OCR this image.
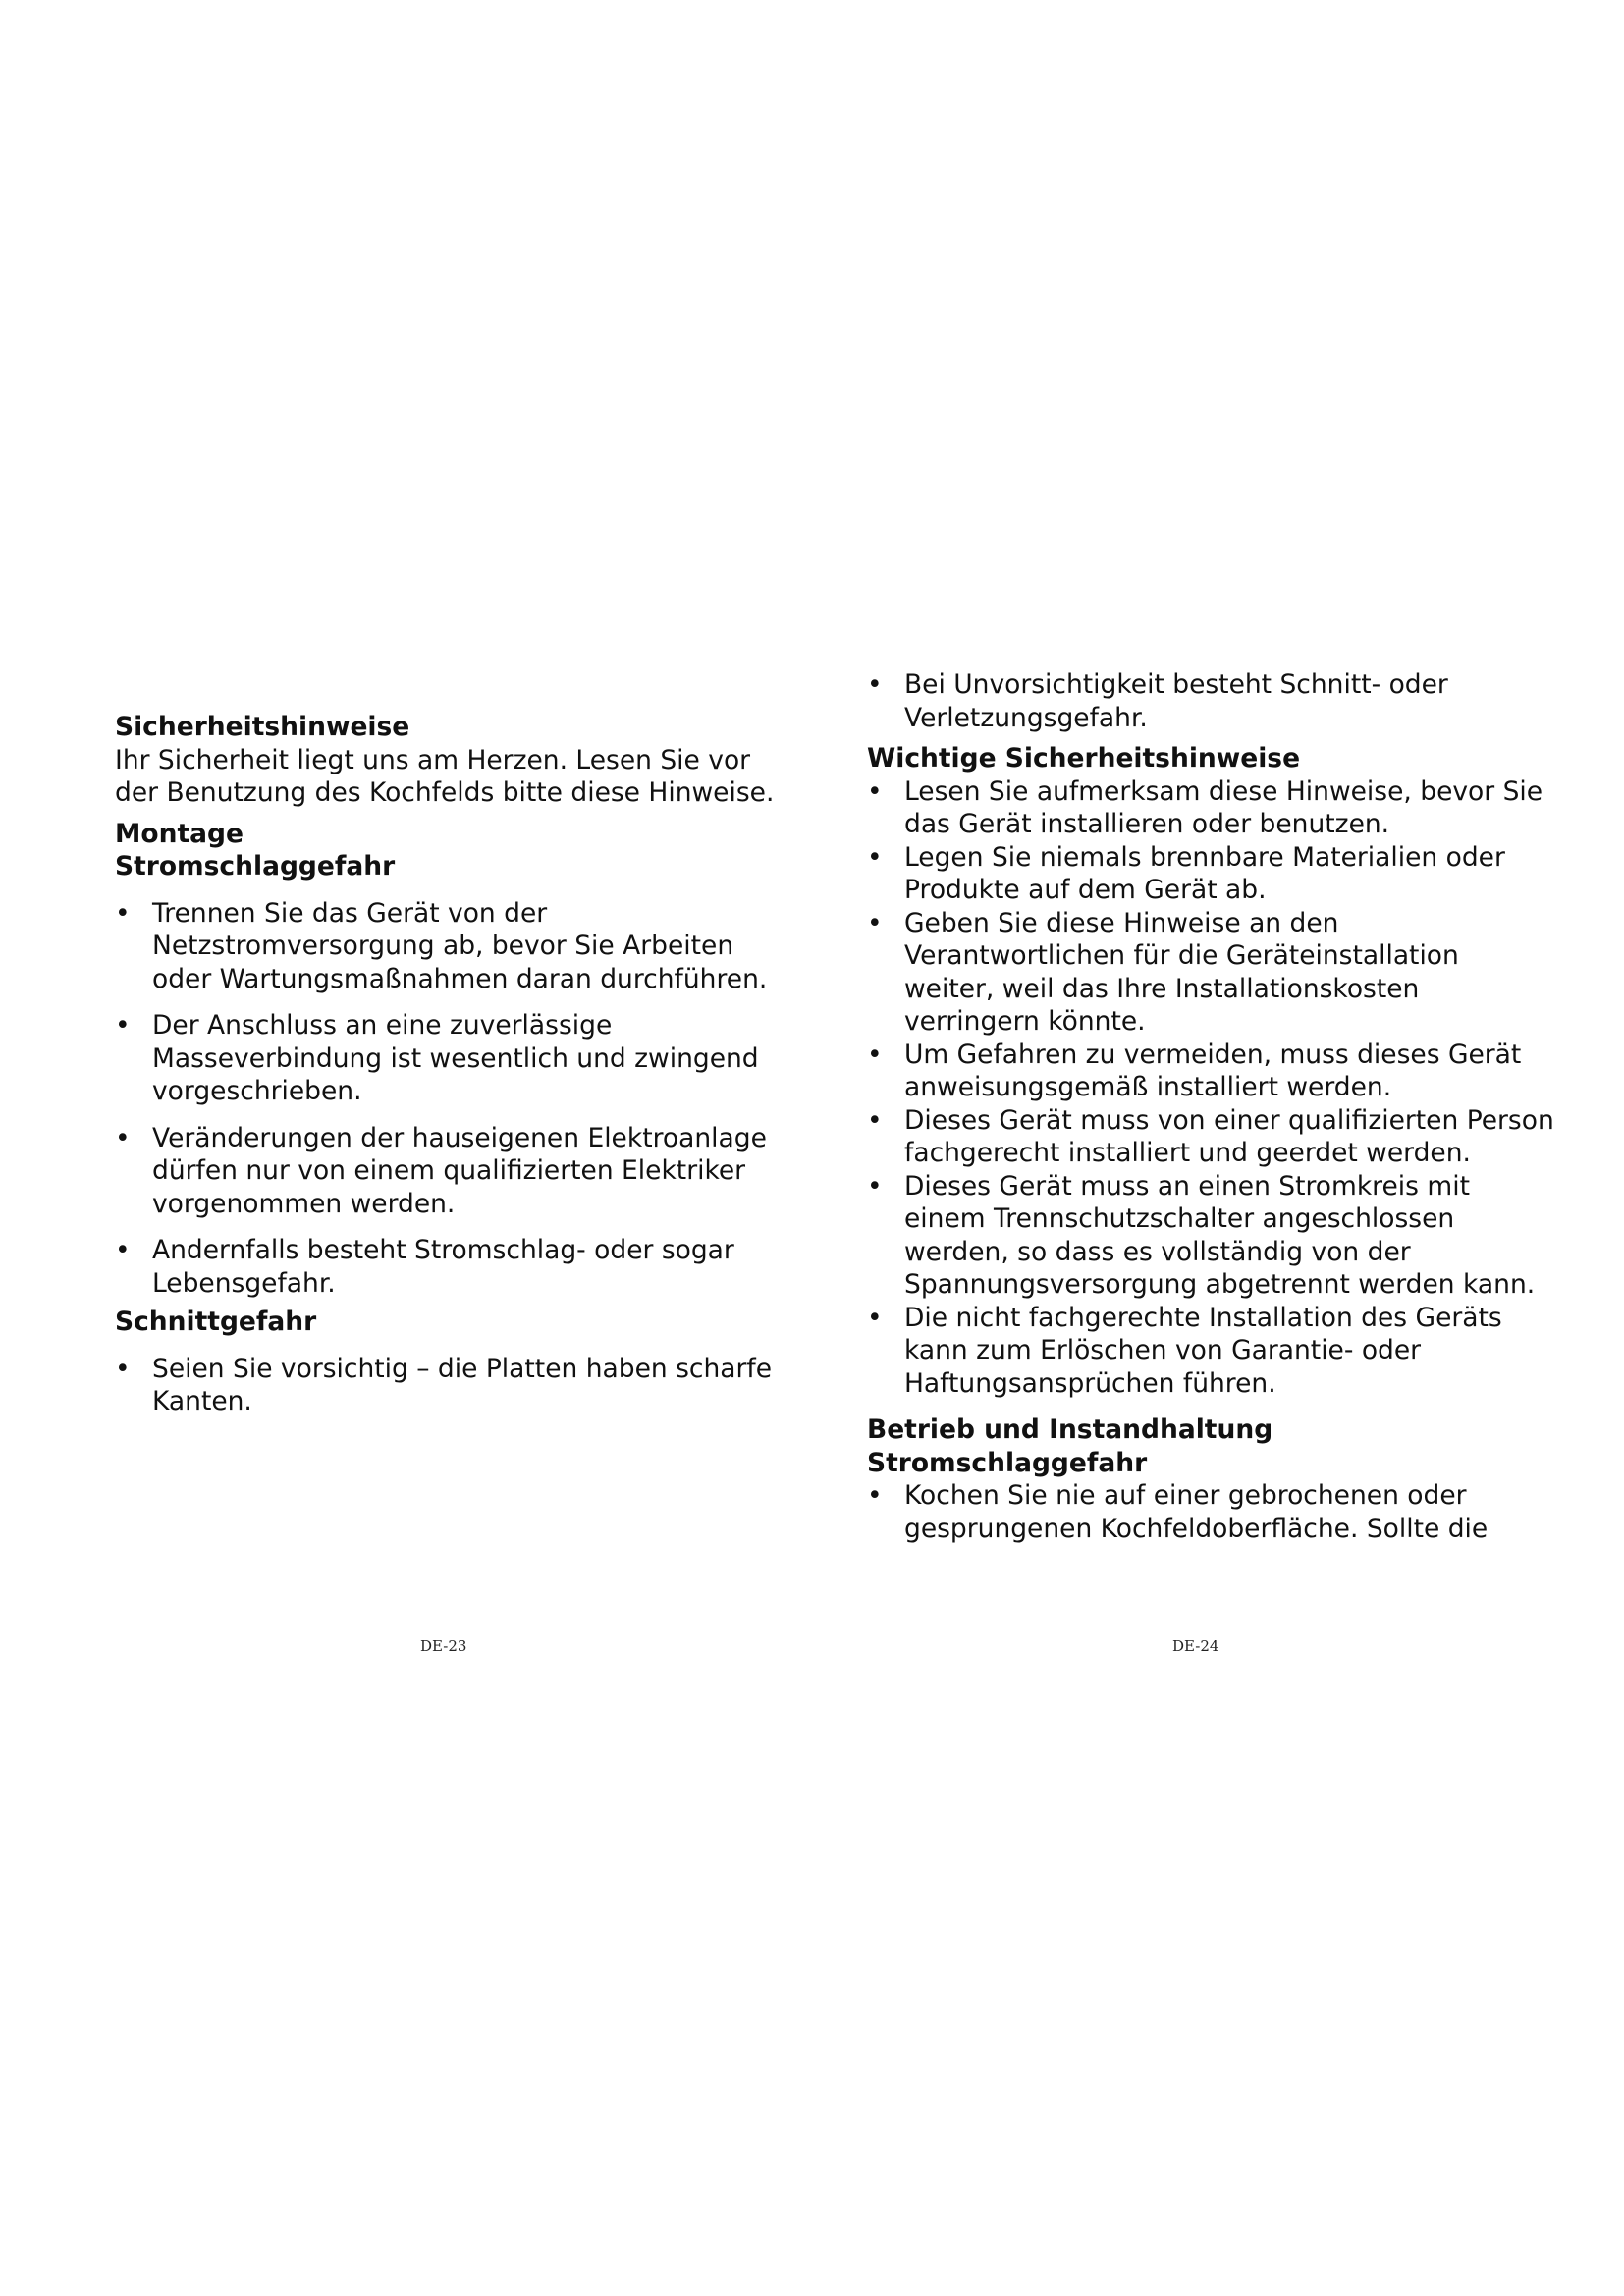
Sicherheitshinweise
Ihr Sicherheit liegt uns am Herzen. Lesen Sie vor der Benutzung des Kochfelds bitte diese Hinweise.
Montage
Stromschlaggefahr
• Trennen Sie das Gerät von der Netzstromversorgung ab, bevor Sie Arbeiten oder Wartungsmaßnahmen daran durchführen.
• Der Anschluss an eine zuverlässige Masseverbindung ist wesentlich und zwingend vorgeschrieben.
• Veränderungen der hauseigenen Elektroanlage dürfen nur von einem qualifizierten Elektriker vorgenommen werden.
• Andernfalls besteht Stromschlag- oder sogar Lebensgefahr.
Schnittgefahr
• Seien Sie vorsichtig – die Platten haben scharfe Kanten.
DE-23
• Bei Unvorsichtigkeit besteht Schnitt- oder Verletzungsgefahr.
Wichtige Sicherheitshinweise
• Lesen Sie aufmerksam diese Hinweise, bevor Sie das Gerät installieren oder benutzen.
• Legen Sie niemals brennbare Materialien oder Produkte auf dem Gerät ab.
• Geben Sie diese Hinweise an den Verantwortlichen für die Geräteinstallation weiter, weil das Ihre Installationskosten verringern könnte.
• Um Gefahren zu vermeiden, muss dieses Gerät anweisungsgemäß installiert werden.
• Dieses Gerät muss von einer qualifizierten Person fachgerecht installiert und geerdet werden.
• Dieses Gerät muss an einen Stromkreis mit einem Trennschutzschalter angeschlossen werden, so dass es vollständig von der Spannungsversorgung abgetrennt werden kann.
• Die nicht fachgerechte Installation des Geräts kann zum Erlöschen von Garantie- oder Haftungsansprüchen führen.
Betrieb und Instandhaltung
Stromschlaggefahr
• Kochen Sie nie auf einer gebrochenen oder gesprungenen Kochfeldoberfläche. Sollte die
DE-24
